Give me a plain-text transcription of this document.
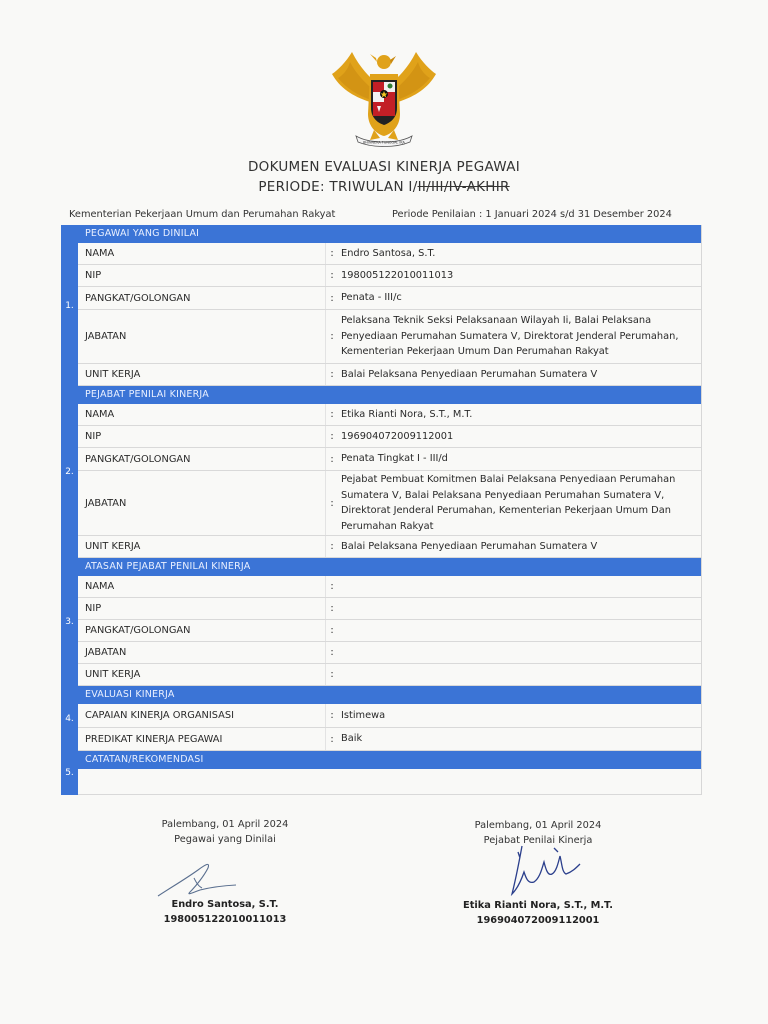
BHINNEKA TUNGGAL IKA
DOKUMEN EVALUASI KINERJA PEGAWAI
PERIODE: TRIWULAN I/II/III/IV-AKHIR
Kementerian Pekerjaan Umum dan Perumahan Rakyat	Periode Penilaian : 1 Januari 2024 s/d 31 Desember 2024
1.
PEGAWAI YANG DINILAI
NAMA	: Endro Santosa, S.T.
NIP	: 198005122010011013
PANGKAT/GOLONGAN	: Penata - III/c
JABATAN	:
Pelaksana Teknik Seksi Pelaksanaan Wilayah Ii, Balai Pelaksana Penyediaan Perumahan Sumatera V, Direktorat Jenderal Perumahan, Kementerian Pekerjaan Umum Dan Perumahan Rakyat
UNIT KERJA	: Balai Pelaksana Penyediaan Perumahan Sumatera V
2.
PEJABAT PENILAI KINERJA
NAMA	: Etika Rianti Nora, S.T., M.T.
NIP	: 196904072009112001
PANGKAT/GOLONGAN	: Penata Tingkat I - III/d
JABATAN	:
Pejabat Pembuat Komitmen Balai Pelaksana Penyediaan Perumahan Sumatera V, Balai Pelaksana Penyediaan Perumahan Sumatera V, Direktorat Jenderal Perumahan, Kementerian Pekerjaan Umum Dan Perumahan Rakyat
UNIT KERJA	: Balai Pelaksana Penyediaan Perumahan Sumatera V
3.
ATASAN PEJABAT PENILAI KINERJA
NAMA	:
NIP	:
PANGKAT/GOLONGAN	:
JABATAN	:
UNIT KERJA	:
4.
EVALUASI KINERJA
CAPAIAN KINERJA ORGANISASI	: Istimewa
PREDIKAT KINERJA PEGAWAI	: Baik
5.
CATATAN/REKOMENDASI
Palembang, 01 April 2024
Pegawai yang Dinilai
Endro Santosa, S.T.
198005122010011013
Palembang, 01 April 2024
Pejabat Penilai Kinerja
Etika Rianti Nora, S.T., M.T.
196904072009112001
